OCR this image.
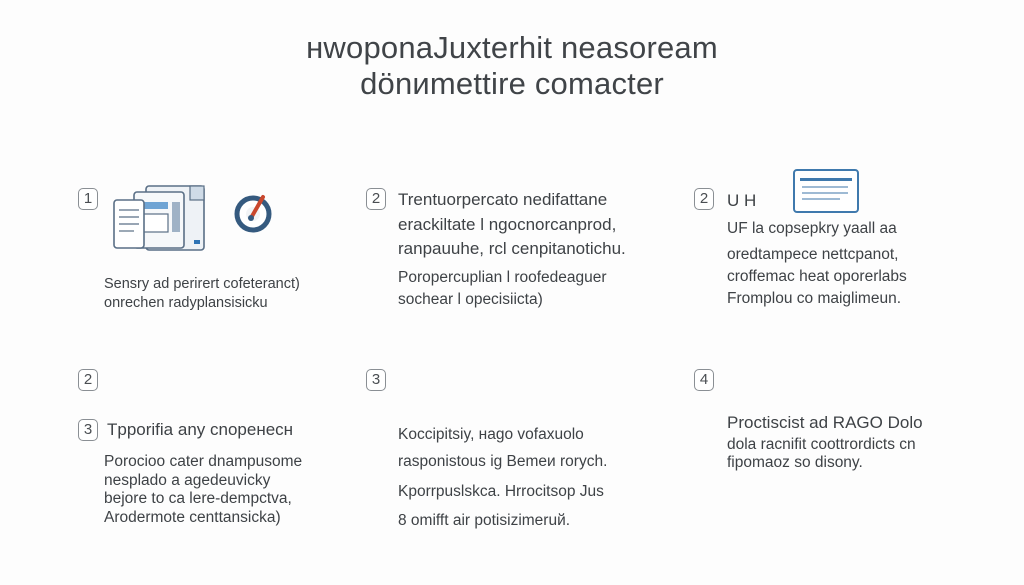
нwoponaJuxterhit neasoream
dönиmettire comacter
1
Sensry ad perirert cofeteranct)
onrechen radyplansisicku
2	Trentuorpercato nedifattane
erackiltate l ngocnorcanprod,
ranpauuhe, rcl cenpitanotichu.
Poroperсuplian l roofedeaguer
sochear l opecisiicta)
2	U H
UF la copsepkry yaall aa
oredtampece nettcpanot,
croffemac heat oporerlabs
Fromplou co maiglimeun.
2
3 Tpporifia any cnopeнесн
Porocioo cater dnampusome
nesplado a agedeuvicky
bejore to ca lere-dempctva,
Arodermote centtansicka)
3
Koccipitsiy, нago vofaxuolo
rasponistous ig Bemeи roryсh.
Kporrpuslskca. Hrrocitsop Jus
8 omifft air potisizimeruй.
4
Proctiscist ad RAGO Dolo
dola racnifit coottrordicts cn
fipomaoz so disony.
